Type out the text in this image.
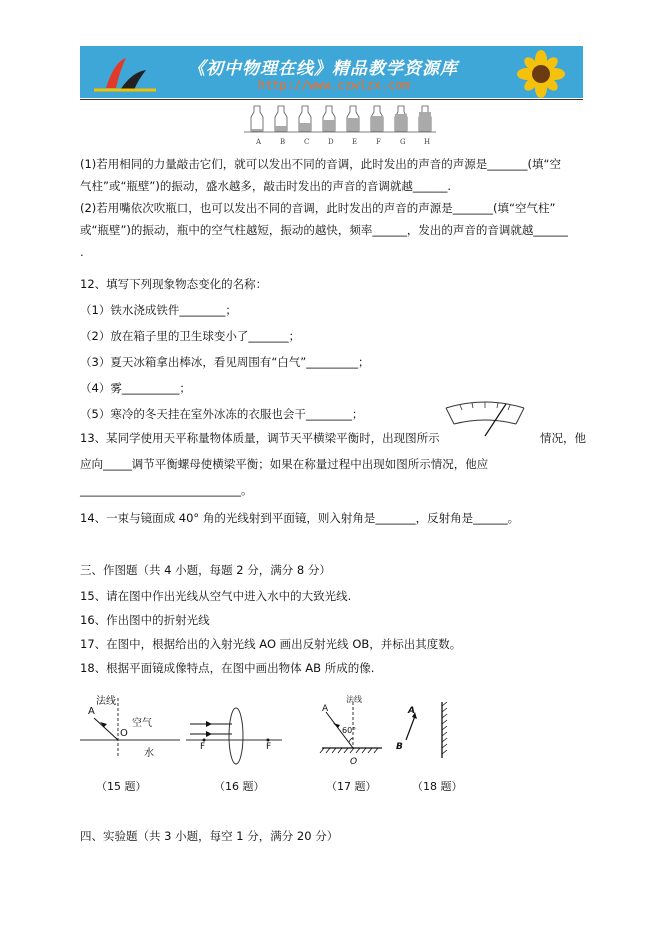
《初中物理在线》精品教学资源库
http://www.czwlzx.com
A	B	C	D	E	F	G	H
(1)若用相同的力量敲击它们，就可以发出不同的音调，此时发出的声音的声源是_______(填“空
气柱”或“瓶壁”)的振动，盛水越多，敲击时发出的声音的音调就越______.
(2)若用嘴依次吹瓶口，也可以发出不同的音调，此时发出的声音的声源是_______(填“空气柱”
或“瓶壁”)的振动，瓶中的空气柱越短，振动的越快，频率______，发出的声音的音调就越______
.
12、填写下列现象物态变化的名称：
（1）铁水浇成铁件________；
（2）放在箱子里的卫生球变小了_______；
（3）夏天冰箱拿出棒冰，看见周围有“白气”_________；
（4）雾__________；
（5）寒冷的冬天挂在室外冰冻的衣服也会干________；
13、某同学使用天平称量物体质量，调节天平横梁平衡时，出现图所示	情况，他
应向_____调节平衡螺母使横梁平衡；如果在称量过程中出现如图所示情况，他应
____________________________。
14、一束与镜面成 40° 角的光线射到平面镜，则入射角是_______，反射角是______。
三、作图题（共 4 小题，每题 2 分，满分 8 分）
15、请在图中作出光线从空气中进入水中的大致光线.
16、作出图中的折射光线
17、在图中，根据给出的入射光线 AO 画出反射光线 OB，并标出其度数。
18、根据平面镜成像特点，在图中画出物体 AB 所成的像.
法线
A
O
空气
水
（15 题）
F	F
（16 题）
法线
A
60°
O
（17 题）
A
B
（18 题）
四、实验题（共 3 小题，每空 1 分，满分 20 分）
